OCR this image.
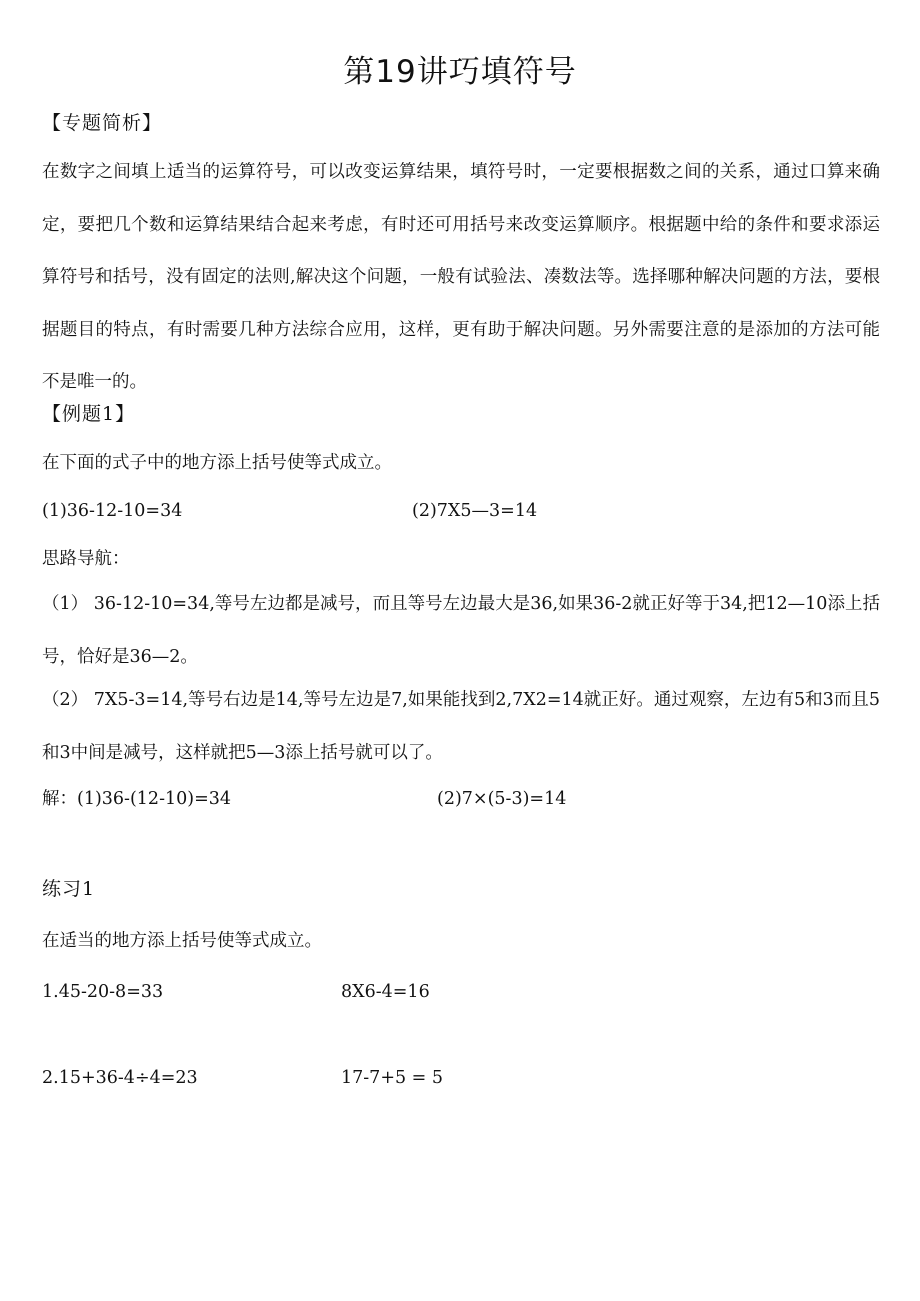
第19讲巧填符号
【专题简析】
在数字之间填上适当的运算符号，可以改变运算结果，填符号时，一定要根据数之间的关系，通过口算来确定，要把几个数和运算结果结合起来考虑，有时还可用括号来改变运算顺序。根据题中给的条件和要求添运算符号和括号，没有固定的法则,解决这个问题，一般有试验法、凑数法等。选择哪种解决问题的方法，要根据题目的特点，有时需要几种方法综合应用，这样，更有助于解决问题。另外需要注意的是添加的方法可能不是唯一的。
【例题1】
在下面的式子中的地方添上括号使等式成立。
(1)36-12-10=34	(2)7X5—3=14
思路导航：
（1） 36-12-10=34,等号左边都是减号，而且等号左边最大是36,如果36-2就正好等于34,把12—10添上括号，恰好是36—2。
（2） 7X5-3=14,等号右边是14,等号左边是7,如果能找到2,7X2=14就正好。通过观察，左边有5和3而且5和3中间是减号，这样就把5—3添上括号就可以了。
解：(1)36-(12-10)=34	(2)7×(5-3)=14
练习1
在适当的地方添上括号使等式成立。
1.45-20-8=33	8X6-4=16
2.15+36-4÷4=23	17-7+5 = 5
